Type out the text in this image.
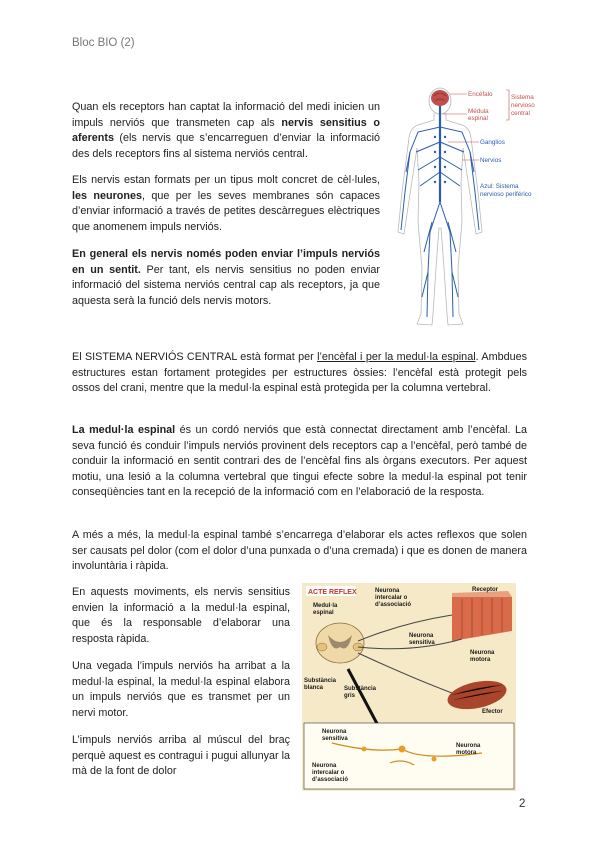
Bloc BIO (2)

Quan els receptors han captat la informació del medi inicien un impuls nerviós que transmeten cap als nervis sensitius o aferents (els nervis que s’encarreguen d’enviar la informació des dels receptors fins al sistema nerviós central.

Els nervis estan formats per un tipus molt concret de cèl·lules, les neurones, que per les seves membranes són capaces d’enviar informació a través de petites descàrregues elèctriques que anomenem impuls nerviós.

En general els nervis només poden enviar l’impuls nerviós en un sentit. Per tant, els nervis sensitius no poden enviar informació del sistema nerviós central cap als receptors, ja que aquesta serà la funció dels nervis motors.

Encèfalo
Médula
espinal
Sistema
nervioso
central
Ganglios
Nervios
Azul: Sistema
nervioso periférico

El SISTEMA NERVIÓS CENTRAL està format per l’encèfal i per la medul·la espinal. Ambdues estructures estan fortament protegides per estructures òssies: l’encèfal està protegit pels ossos del crani, mentre que la medul·la espinal està protegida per la columna vertebral.

La medul·la espinal és un cordó nerviós que està connectat directament amb l’encèfal. La seva funció és conduir l’impuls nerviós provinent dels receptors cap a l’encèfal, però també de conduir la informació en sentit contrari des de l’encèfal fins als òrgans executors. Per aquest motiu, una lesió a la columna vertebral que tingui efecte sobre la medul·la espinal pot tenir conseqüències tant en la recepció de la informació com en l’elaboració de la resposta.

A més a més, la medul·la espinal també s’encarrega d’elaborar els actes reflexos que solen ser causats pel dolor (com el dolor d’una punxada o d’una cremada) i que es donen de manera involuntària i ràpida.

En aquests moviments, els nervis sensitius envien la informació a la medul·la espinal, que és la responsable d’elaborar una resposta ràpida.

Una vegada l’impuls nerviós ha arribat a la medul·la espinal, la medul·la espinal elabora un impuls nerviós que es transmet per un nervi motor.

L’impuls nerviós arriba al múscul del braç perquè aquest es contragui i pugui allunyar la mà de la font de dolor

ACTE REFLEX	Neurona
intercalar o
d’associació
Receptor
Medul·la
espinal
Neurona
sensitiva
Neurona
motora
Substància
blanca	Substància
gris
Efector
Neurona
sensitiva
Neurona
motora
Neurona
intercalar o
d’associació
2
